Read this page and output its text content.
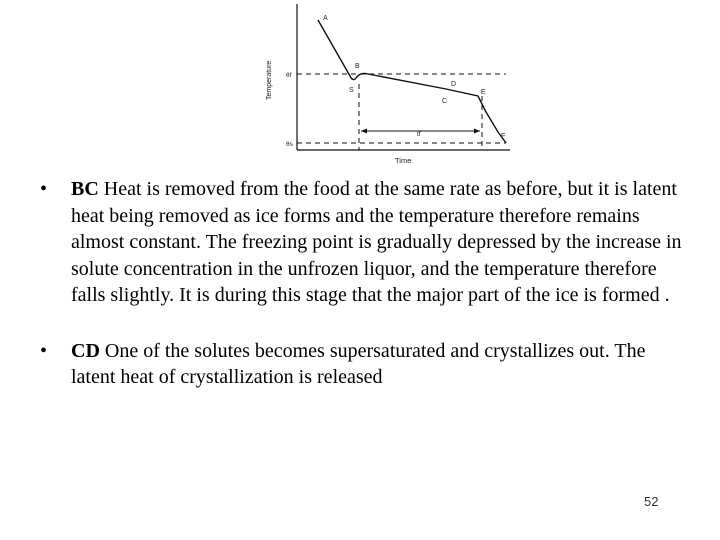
Temperature
Time
θf
θs
tf
A
B
S
D
C
E
F
• BC Heat is removed from the food at the same rate as before, but it is latent heat being removed as ice forms and the temperature therefore remains almost constant. The freezing point is gradually depressed by the increase in solute concentration in the unfrozen liquor, and the temperature therefore falls slightly. It is during this stage that the major part of the ice is formed .
• CD One of the solutes becomes supersaturated and crystallizes out. The latent heat of crystallization is released
52
